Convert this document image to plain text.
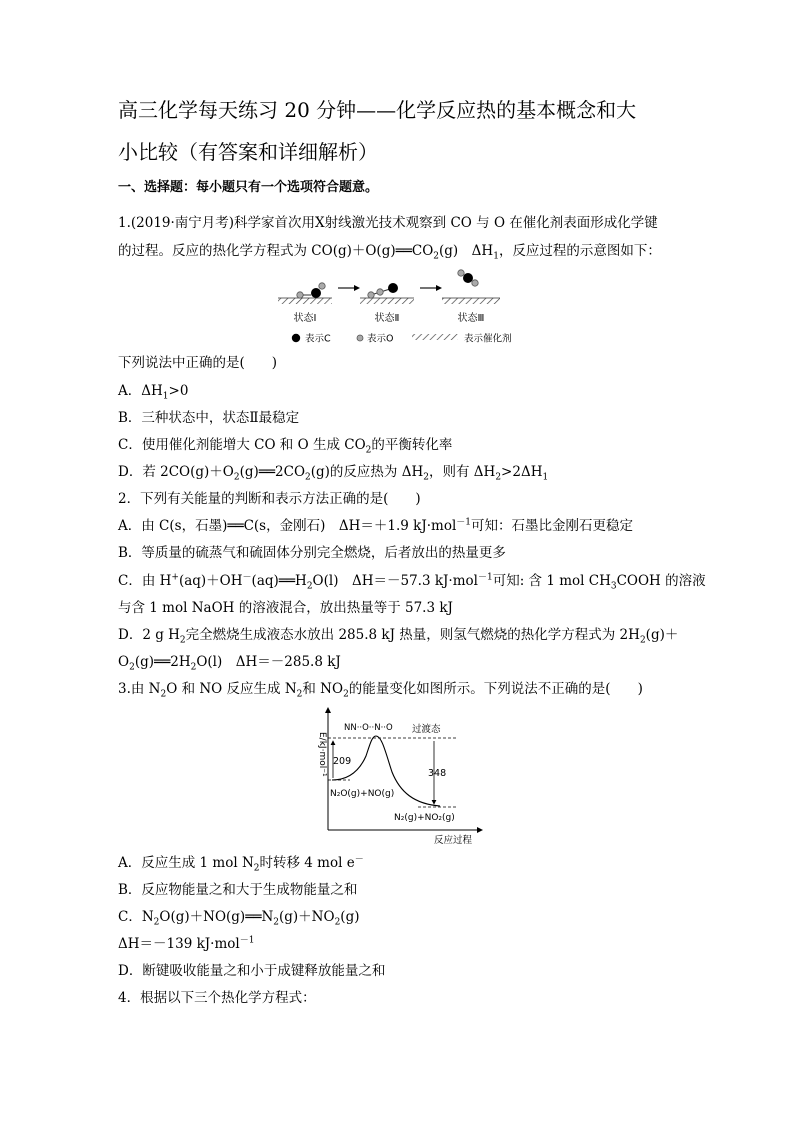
高三化学每天练习 20 分钟——化学反应热的基本概念和大
小比较（有答案和详细解析）
一、选择题：每小题只有一个选项符合题意。
1.(2019·南宁月考)科学家首次用X射线激光技术观察到 CO 与 O 在催化剂表面形成化学键
的过程。反应的热化学方程式为 $CO(g)+O(g)══CO_2(g)$　$\Delta H_1$，反应过程的示意图如下：
状态Ⅰ	状态Ⅱ	状态Ⅲ
表示C	表示O	表示催化剂
下列说法中正确的是(　　)
A．$\Delta H_1>0$
B．三种状态中，状态Ⅱ最稳定
C．使用催化剂能增大 CO 和 O 生成 $CO_2$的平衡转化率
D．若 $2CO(g)+O_2(g)══2CO_2(g)$的反应热为 $\Delta H_2$，则有 $\Delta H_2>2\Delta H_1$
2．下列有关能量的判断和表示方法正确的是(　　)
A．由 C(s，石墨)══C(s，金刚石)　ΔH＝＋1.9 kJ·mol$^{-1}$可知：石墨比金刚石更稳定
B．等质量的硫蒸气和硫固体分别完全燃烧，后者放出的热量更多
C．由 $H^+(aq)+OH^-(aq)══H_2O(l)$　ΔH＝－57.3 kJ·mol$^{-1}$可知: 含 1 mol $CH_3COOH$ 的溶液
与含 1 mol NaOH 的溶液混合，放出热量等于 57.3 kJ
D．2 g $H_2$完全燃烧生成液态水放出 285.8 kJ 热量，则氢气燃烧的热化学方程式为 $2H_2(g)+$
$O_2(g)══2H_2O(l)$　ΔH＝－285.8 kJ
3.由 $N_2O$ 和 NO 反应生成 $N_2$和 $NO_2$的能量变化如图所示。下列说法不正确的是(　　)
E/kJ·mol⁻¹
反应过程
209
348
NN··O··N··O 过渡态
N₂O(g)+NO(g)
N₂(g)+NO₂(g)
A．反应生成 1 mol $N_2$时转移 4 mol e－
B．反应物能量之和大于生成物能量之和
C．$N_2O(g)+NO(g)══N_2(g)+NO_2(g)$
ΔH＝－139 kJ·mol$^{-1}$
D．断键吸收能量之和小于成键释放能量之和
4．根据以下三个热化学方程式：
